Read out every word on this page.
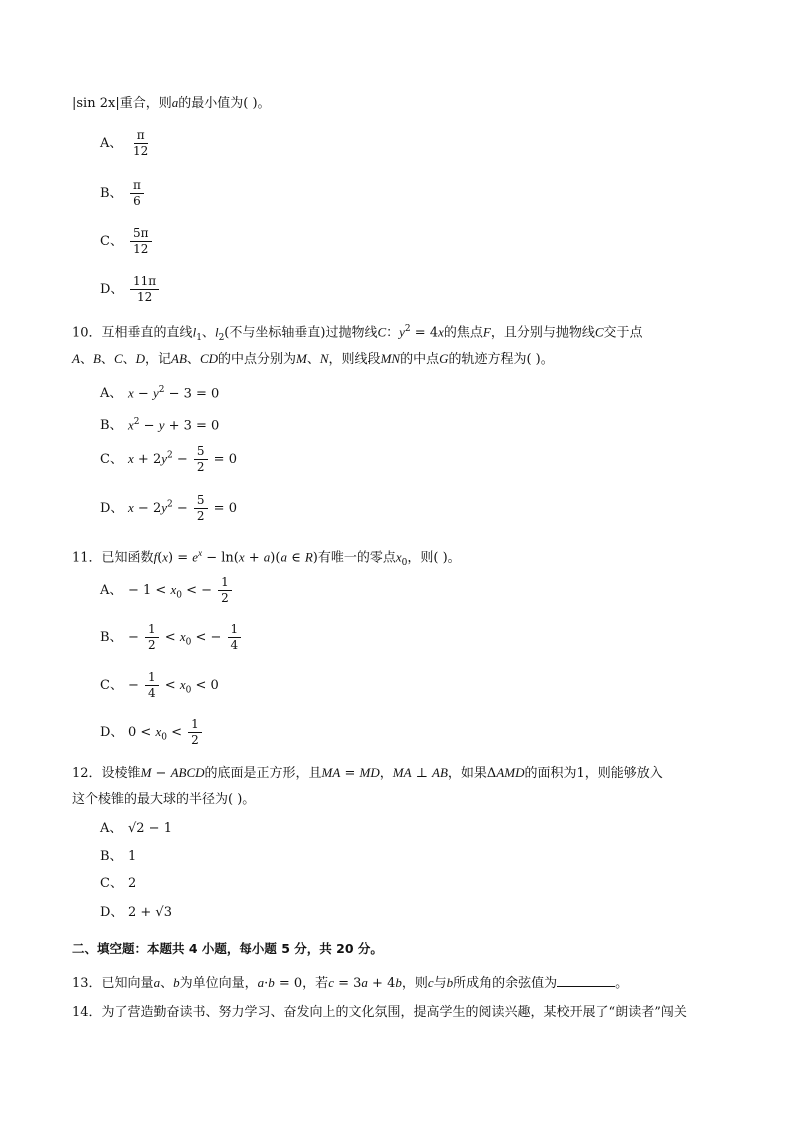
|sin 2x|重合，则a的最小值为( )。
A、 $\frac{\pi}{12}$
B、 $\frac{\pi}{6}$
C、 $\frac{5\pi}{12}$
D、 $\frac{11\pi}{12}$
10．互相垂直的直线$l_1$、$l_2$(不与坐标轴垂直)过抛物线C：$y^2 = 4x$的焦点F，且分别与抛物线C交于点
A、B、C、D，记AB、CD的中点分别为M、N，则线段MN的中点G的轨迹方程为( )。
A、 $x - y^2 - 3 = 0$
B、 $x^2 - y + 3 = 0$
C、 $x + 2y^2 - \frac{5}{2} = 0$
D、 $x - 2y^2 - \frac{5}{2} = 0$
11．已知函数$f(x) = e^x - \ln(x + a)(a$ ∈ R)有唯一的零点$x_0$，则( )。
A、 − $1 < x_0$ < − $\frac{1}{2}$
B、 − $\frac{1}{2} < x_0$ < − $\frac{1}{4}$
C、 − $\frac{1}{4} < x_0 < 0$
D、 $0 < x_0 < \frac{1}{2}$
12．设棱锥M − ABCD的底面是正方形，且MA = MD，MA ⊥ AB，如果ΔAMD的面积为1，则能够放入
这个棱锥的最大球的半径为( )。
A、 √2 − 1
B、 1
C、 2
D、 2 + √3
二、填空题：本题共 4 小题，每小题 5 分，共 20 分。
13．已知向量a、b为单位向量，a·b = 0，若c = 3a + 4b，则c与b所成角的余弦值为	。
14．为了营造勤奋读书、努力学习、奋发向上的文化氛围，提高学生的阅读兴趣，某校开展了“朗读者”闯关
